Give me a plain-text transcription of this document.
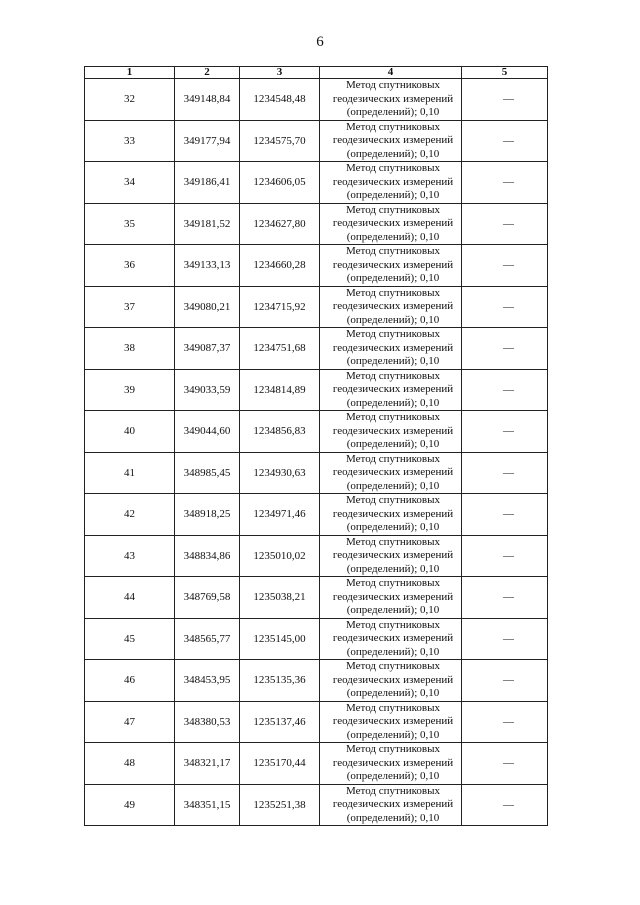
6
1	2	3	4	5
32	349148,84	1234548,48	Метод спутниковых
геодезических измерений
(определений); 0,10	—
33	349177,94	1234575,70	Метод спутниковых
геодезических измерений
(определений); 0,10	—
34	349186,41	1234606,05	Метод спутниковых
геодезических измерений
(определений); 0,10	—
35	349181,52	1234627,80	Метод спутниковых
геодезических измерений
(определений); 0,10	—
36	349133,13	1234660,28	Метод спутниковых
геодезических измерений
(определений); 0,10	—
37	349080,21	1234715,92	Метод спутниковых
геодезических измерений
(определений); 0,10	—
38	349087,37	1234751,68	Метод спутниковых
геодезических измерений
(определений); 0,10	—
39	349033,59	1234814,89	Метод спутниковых
геодезических измерений
(определений); 0,10	—
40	349044,60	1234856,83	Метод спутниковых
геодезических измерений
(определений); 0,10	—
41	348985,45	1234930,63	Метод спутниковых
геодезических измерений
(определений); 0,10	—
42	348918,25	1234971,46	Метод спутниковых
геодезических измерений
(определений); 0,10	—
43	348834,86	1235010,02	Метод спутниковых
геодезических измерений
(определений); 0,10	—
44	348769,58	1235038,21	Метод спутниковых
геодезических измерений
(определений); 0,10	—
45	348565,77	1235145,00	Метод спутниковых
геодезических измерений
(определений); 0,10	—
46	348453,95	1235135,36	Метод спутниковых
геодезических измерений
(определений); 0,10	—
47	348380,53	1235137,46	Метод спутниковых
геодезических измерений
(определений); 0,10	—
48	348321,17	1235170,44	Метод спутниковых
геодезических измерений
(определений); 0,10	—
49	348351,15	1235251,38	Метод спутниковых
геодезических измерений
(определений); 0,10	—
